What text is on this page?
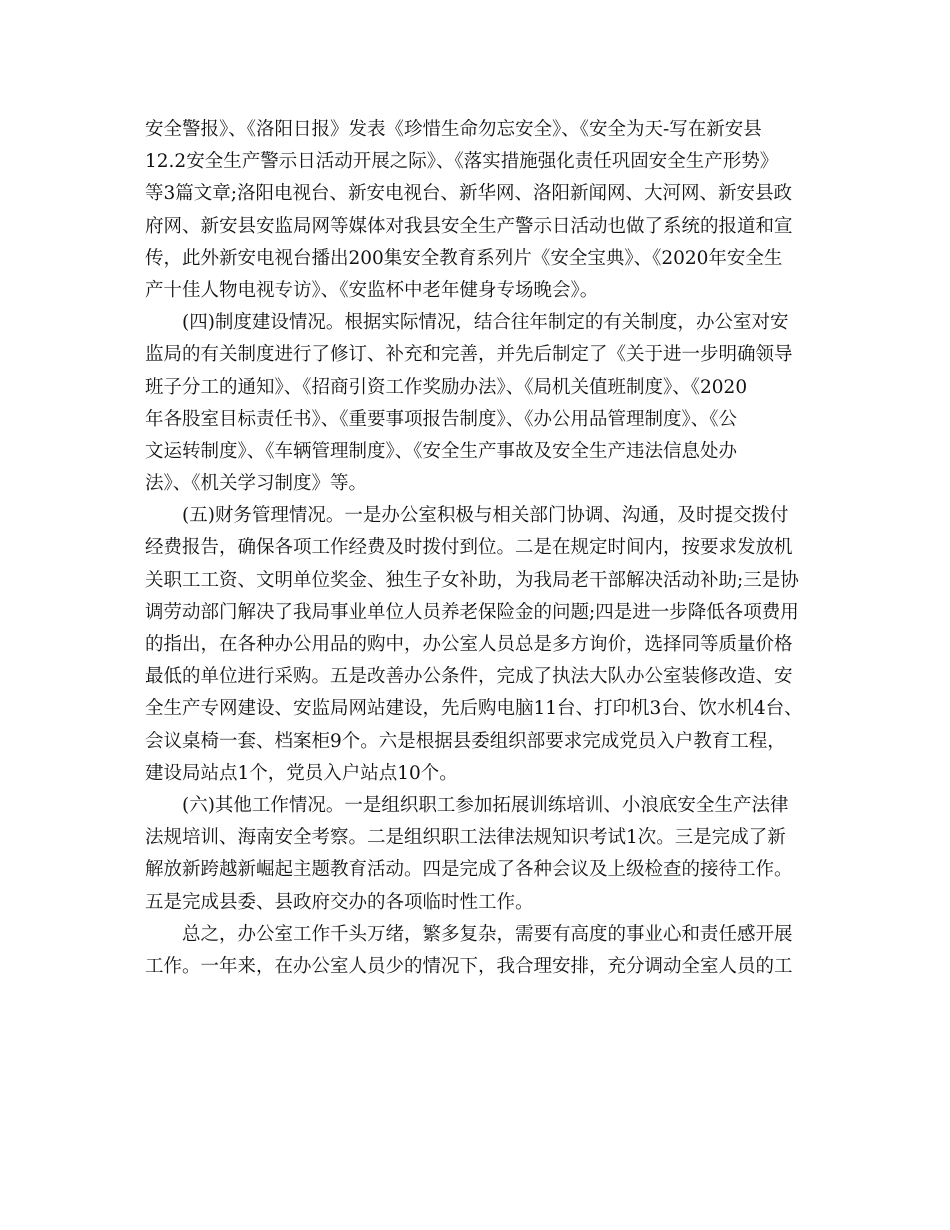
安全警报》、《洛阳日报》发表《珍惜生命勿忘安全》、《安全为天-写在新安县
12.2安全生产警示日活动开展之际》、《落实措施强化责任巩固安全生产形势》
等3篇文章;洛阳电视台、新安电视台、新华网、洛阳新闻网、大河网、新安县政
府网、新安县安监局网等媒体对我县安全生产警示日活动也做了系统的报道和宣
传，此外新安电视台播出200集安全教育系列片《安全宝典》、《2020年安全生
产十佳人物电视专访》、《安监杯中老年健身专场晚会》。
(四)制度建设情况。根据实际情况，结合往年制定的有关制度，办公室对安
监局的有关制度进行了修订、补充和完善，并先后制定了《关于进一步明确领导
班子分工的通知》、《招商引资工作奖励办法》、《局机关值班制度》、《2020
年各股室目标责任书》、《重要事项报告制度》、《办公用品管理制度》、《公
文运转制度》、《车辆管理制度》、《安全生产事故及安全生产违法信息处办
法》、《机关学习制度》等。
(五)财务管理情况。一是办公室积极与相关部门协调、沟通，及时提交拨付
经费报告，确保各项工作经费及时拨付到位。二是在规定时间内，按要求发放机
关职工工资、文明单位奖金、独生子女补助，为我局老干部解决活动补助;三是协
调劳动部门解决了我局事业单位人员养老保险金的问题;四是进一步降低各项费用
的指出，在各种办公用品的购中，办公室人员总是多方询价，选择同等质量价格
最低的单位进行采购。五是改善办公条件，完成了执法大队办公室装修改造、安
全生产专网建设、安监局网站建设，先后购电脑11台、打印机3台、饮水机4台、
会议桌椅一套、档案柜9个。六是根据县委组织部要求完成党员入户教育工程，
建设局站点1个，党员入户站点10个。
(六)其他工作情况。一是组织职工参加拓展训练培训、小浪底安全生产法律
法规培训、海南安全考察。二是组织职工法律法规知识考试1次。三是完成了新
解放新跨越新崛起主题教育活动。四是完成了各种会议及上级检查的接待工作。
五是完成县委、县政府交办的各项临时性工作。
总之，办公室工作千头万绪，繁多复杂，需要有高度的事业心和责任感开展
工作。一年来，在办公室人员少的情况下，我合理安排，充分调动全室人员的工
